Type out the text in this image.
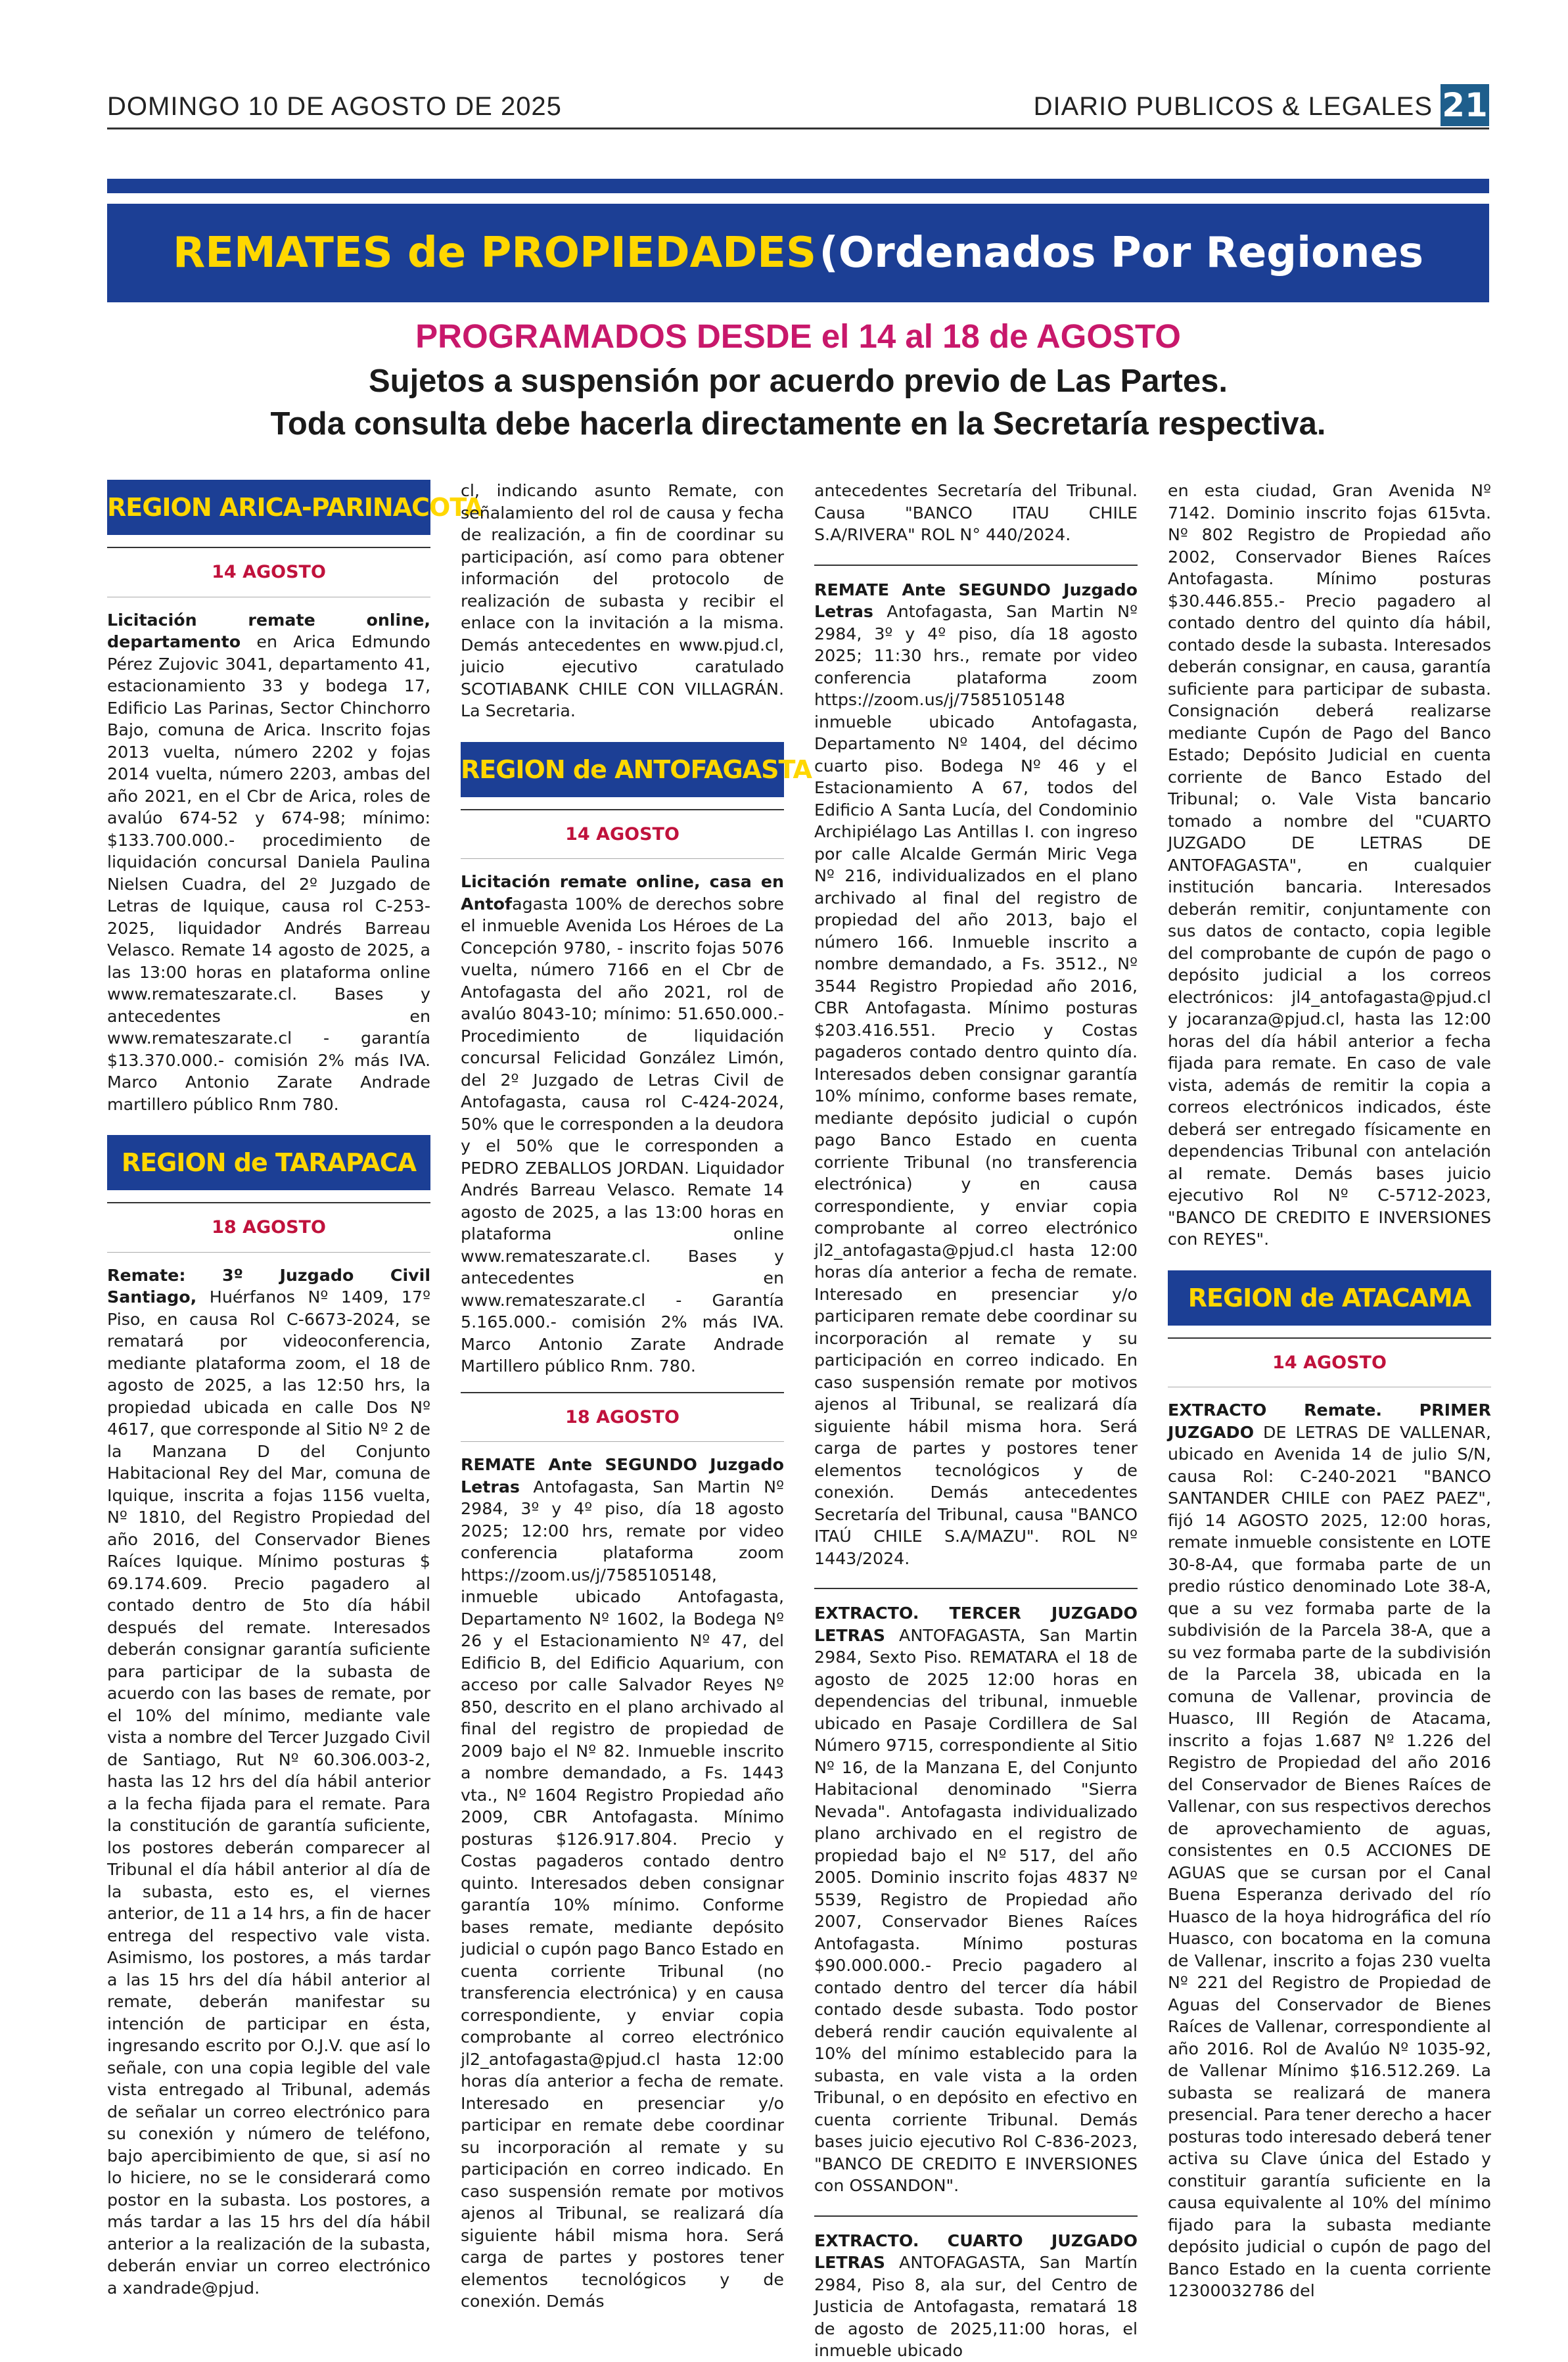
DOMINGO 10 DE AGOSTO DE 2025	DIARIO PUBLICOS & LEGALES 21
REMATES de PROPIEDADES (Ordenados Por Regiones
PROGRAMADOS DESDE el 14 al 18 de AGOSTO
Sujetos a suspensión por acuerdo previo de Las Partes.
Toda consulta debe hacerla directamente en la Secretaría respectiva.
REGION ARICA-PARINACOTA
14 AGOSTO

Licitación remate online, departamento en Arica Edmundo Pérez Zujovic 3041, departamento 41, estacionamiento 33 y bodega 17, Edificio Las Parinas, Sector Chinchorro Bajo, comuna de Arica. Inscrito fojas 2013 vuelta, número 2202 y fojas 2014 vuelta, número 2203, ambas del año 2021, en el Cbr de Arica, roles de avalúo 674-52 y 674-98; mínimo: $133.700.000.- procedimiento de liquidación concursal Daniela Paulina Nielsen Cuadra, del 2º Juzgado de Letras de Iquique, causa rol C-253-2025, liquidador Andrés Barreau Velasco. Remate 14 agosto de 2025, a las 13:00 horas en plataforma online www.remateszarate.cl. Bases y antecedentes en www.remateszarate.cl - garantía $13.370.000.- comisión 2% más IVA. Marco Antonio Zarate Andrade martillero público Rnm 780.

REGION de TARAPACA
18 AGOSTO

Remate: 3º Juzgado Civil Santiago, Huérfanos Nº 1409, 17º Piso, en causa Rol C-6673-2024, se rematará por videoconferencia, mediante plataforma zoom, el 18 de agosto de 2025, a las 12:50 hrs, la propiedad ubicada en calle Dos Nº 4617, que corresponde al Sitio Nº 2 de la Manzana D del Conjunto Habitacional Rey del Mar, comuna de Iquique, inscrita a fojas 1156 vuelta, Nº 1810, del Registro Propiedad del año 2016, del Conservador Bienes Raíces Iquique. Mínimo posturas $ 69.174.609. Precio pagadero al contado dentro de 5to día hábil después del remate. Interesados deberán consignar garantía suficiente para participar de la subasta de acuerdo con las bases de remate, por el 10% del mínimo, mediante vale vista a nombre del Tercer Juzgado Civil de Santiago, Rut Nº 60.306.003-2, hasta las 12 hrs del día hábil anterior a la fecha fijada para el remate. Para la constitución de garantía suficiente, los postores deberán comparecer al Tribunal el día hábil anterior al día de la subasta, esto es, el viernes anterior, de 11 a 14 hrs, a fin de hacer entrega del respectivo vale vista. Asimismo, los postores, a más tardar a las 15 hrs del día hábil anterior al remate, deberán manifestar su intención de participar en ésta, ingresando escrito por O.J.V. que así lo señale, con una copia legible del vale vista entregado al Tribunal, además de señalar un correo electrónico para su conexión y número de teléfono, bajo apercibimiento de que, si así no lo hiciere, no se le considerará como postor en la subasta. Los postores, a más tardar a las 15 hrs del día hábil anterior a la realización de la subasta, deberán enviar un correo electrónico a xandrade@pjud.

cl, indicando asunto Remate, con señalamiento del rol de causa y fecha de realización, a fin de coordinar su participación, así como para obtener información del protocolo de realización de subasta y recibir el enlace con la invitación a la misma. Demás antecedentes en www.pjud.cl, juicio ejecutivo caratulado SCOTIABANK CHILE CON VILLAGRÁN. La Secretaria.

REGION de ANTOFAGASTA
14 AGOSTO

Licitación remate online, casa en Antofagasta 100% de derechos sobre el inmueble Avenida Los Héroes de La Concepción 9780, - inscrito fojas 5076 vuelta, número 7166 en el Cbr de Antofagasta del año 2021, rol de avalúo 8043-10; mínimo: 51.650.000.- Procedimiento de liquidación concursal Felicidad González Limón, del 2º Juzgado de Letras Civil de Antofagasta, causa rol C-424-2024, 50% que le corresponden a la deudora y el 50% que le corresponden a PEDRO ZEBALLOS JORDAN. Liquidador Andrés Barreau Velasco. Remate 14 agosto de 2025, a las 13:00 horas en plataforma online www.remateszarate.cl. Bases y antecedentes en www.remateszarate.cl - Garantía 5.165.000.- comisión 2% más IVA. Marco Antonio Zarate Andrade Martillero público Rnm. 780.

18 AGOSTO

REMATE Ante SEGUNDO Juzgado Letras Antofagasta, San Martin Nº 2984, 3º y 4º piso, día 18 agosto 2025; 12:00 hrs, remate por video conferencia plataforma zoom https://zoom.us/j/7585105148, inmueble ubicado Antofagasta, Departamento Nº 1602, la Bodega Nº 26 y el Estacionamiento Nº 47, del Edificio B, del Edificio Aquarium, con acceso por calle Salvador Reyes Nº 850, descrito en el plano archivado al final del registro de propiedad de 2009 bajo el Nº 82. Inmueble inscrito a nombre demandado, a Fs. 1443 vta., Nº 1604 Registro Propiedad año 2009, CBR Antofagasta. Mínimo posturas $126.917.804. Precio y Costas pagaderos contado dentro quinto. Interesados deben consignar garantía 10% mínimo. Conforme bases remate, mediante depósito judicial o cupón pago Banco Estado en cuenta corriente Tribunal (no transferencia electrónica) y en causa correspondiente, y enviar copia comprobante al correo electrónico jl2_antofagasta@pjud.cl hasta 12:00 horas día anterior a fecha de remate. Interesado en presenciar y/o participar en remate debe coordinar su incorporación al remate y su participación en correo indicado. En caso suspensión remate por motivos ajenos al Tribunal, se realizará día siguiente hábil misma hora. Será carga de partes y postores tener elementos tecnológicos y de conexión. Demás

antecedentes Secretaría del Tribunal. Causa "BANCO ITAU CHILE S.A/RIVERA" ROL N° 440/2024.

REMATE Ante SEGUNDO Juzgado Letras Antofagasta, San Martin Nº 2984, 3º y 4º piso, día 18 agosto 2025; 11:30 hrs., remate por video conferencia plataforma zoom https://zoom.us/j/7585105148 inmueble ubicado Antofagasta, Departamento Nº 1404, del décimo cuarto piso. Bodega Nº 46 y el Estacionamiento A 67, todos del Edificio A Santa Lucía, del Condominio Archipiélago Las Antillas I. con ingreso por calle Alcalde Germán Miric Vega Nº 216, individualizados en el plano archivado al final del registro de propiedad del año 2013, bajo el número 166. Inmueble inscrito a nombre demandado, a Fs. 3512., Nº 3544 Registro Propiedad año 2016, CBR Antofagasta. Mínimo posturas $203.416.551. Precio y Costas pagaderos contado dentro quinto día. Interesados deben consignar garantía 10% mínimo, conforme bases remate, mediante depósito judicial o cupón pago Banco Estado en cuenta corriente Tribunal (no transferencia electrónica) y en causa correspondiente, y enviar copia comprobante al correo electrónico jl2_antofagasta@pjud.cl hasta 12:00 horas día anterior a fecha de remate. Interesado en presenciar y/o participaren remate debe coordinar su incorporación al remate y su participación en correo indicado. En caso suspensión remate por motivos ajenos al Tribunal, se realizará día siguiente hábil misma hora. Será carga de partes y postores tener elementos tecnológicos y de conexión. Demás antecedentes Secretaría del Tribunal, causa "BANCO ITAÚ CHILE S.A/MAZU". ROL Nº 1443/2024.

EXTRACTO. TERCER JUZGADO LETRAS ANTOFAGASTA, San Martin 2984, Sexto Piso. REMATARA el 18 de agosto de 2025 12:00 horas en dependencias del tribunal, inmueble ubicado en Pasaje Cordillera de Sal Número 9715, correspondiente al Sitio Nº 16, de la Manzana E, del Conjunto Habitacional denominado "Sierra Nevada". Antofagasta individualizado plano archivado en el registro de propiedad bajo el Nº 517, del año 2005. Dominio inscrito fojas 4837 Nº 5539, Registro de Propiedad año 2007, Conservador Bienes Raíces Antofagasta. Mínimo posturas $90.000.000.- Precio pagadero al contado dentro del tercer día hábil contado desde subasta. Todo postor deberá rendir caución equivalente al 10% del mínimo establecido para la subasta, en vale vista a la orden Tribunal, o en depósito en efectivo en cuenta corriente Tribunal. Demás bases juicio ejecutivo Rol C-836-2023, "BANCO DE CREDITO E INVERSIONES con OSSANDON".

EXTRACTO. CUARTO JUZGADO LETRAS ANTOFAGASTA, San Martín 2984, Piso 8, ala sur, del Centro de Justicia de Antofagasta, rematará 18 de agosto de 2025,11:00 horas, el inmueble ubicado

en esta ciudad, Gran Avenida Nº 7142. Dominio inscrito fojas 615vta. Nº 802 Registro de Propiedad año 2002, Conservador Bienes Raíces Antofagasta. Mínimo posturas $30.446.855.- Precio pagadero al contado dentro del quinto día hábil, contado desde la subasta. Interesados deberán consignar, en causa, garantía suficiente para participar de subasta. Consignación deberá realizarse mediante Cupón de Pago del Banco Estado; Depósito Judicial en cuenta corriente de Banco Estado del Tribunal; o. Vale Vista bancario tomado a nombre del "CUARTO JUZGADO DE LETRAS DE ANTOFAGASTA", en cualquier institución bancaria. Interesados deberán remitir, conjuntamente con sus datos de contacto, copia legible del comprobante de cupón de pago o depósito judicial a los correos electrónicos: jl4_antofagasta@pjud.cl y jocaranza@pjud.cl, hasta las 12:00 horas del día hábil anterior a fecha fijada para remate. En caso de vale vista, además de remitir la copia a correos electrónicos indicados, éste deberá ser entregado físicamente en dependencias Tribunal con antelación aI remate. Demás bases juicio ejecutivo Rol Nº C-5712-2023, "BANCO DE CREDITO E INVERSIONES con REYES".

REGION de ATACAMA
14 AGOSTO

EXTRACTO Remate. PRIMER JUZGADO DE LETRAS DE VALLENAR, ubicado en Avenida 14 de julio S/N, causa Rol: C-240-2021 "BANCO SANTANDER CHILE con PAEZ PAEZ", fijó 14 AGOSTO 2025, 12:00 horas, remate inmueble consistente en LOTE 30-8-A4, que formaba parte de un predio rústico denominado Lote 38-A, que a su vez formaba parte de la subdivisión de la Parcela 38-A, que a su vez formaba parte de la subdivisión de la Parcela 38, ubicada en la comuna de Vallenar, provincia de Huasco, III Región de Atacama, inscrito a fojas 1.687 Nº 1.226 del Registro de Propiedad del año 2016 del Conservador de Bienes Raíces de Vallenar, con sus respectivos derechos de aprovechamiento de aguas, consistentes en 0.5 ACCIONES DE AGUAS que se cursan por el Canal Buena Esperanza derivado del río Huasco de la hoya hidrográfica del río Huasco, con bocatoma en la comuna de Vallenar, inscrito a fojas 230 vuelta Nº 221 del Registro de Propiedad de Aguas del Conservador de Bienes Raíces de Vallenar, correspondiente al año 2016. Rol de Avalúo Nº 1035-92, de Vallenar Mínimo $16.512.269. La subasta se realizará de manera presencial. Para tener derecho a hacer posturas todo interesado deberá tener activa su Clave única del Estado y constituir garantía suficiente en la causa equivalente al 10% del mínimo fijado para la subasta mediante depósito judicial o cupón de pago del Banco Estado en la cuenta corriente 12300032786 del
